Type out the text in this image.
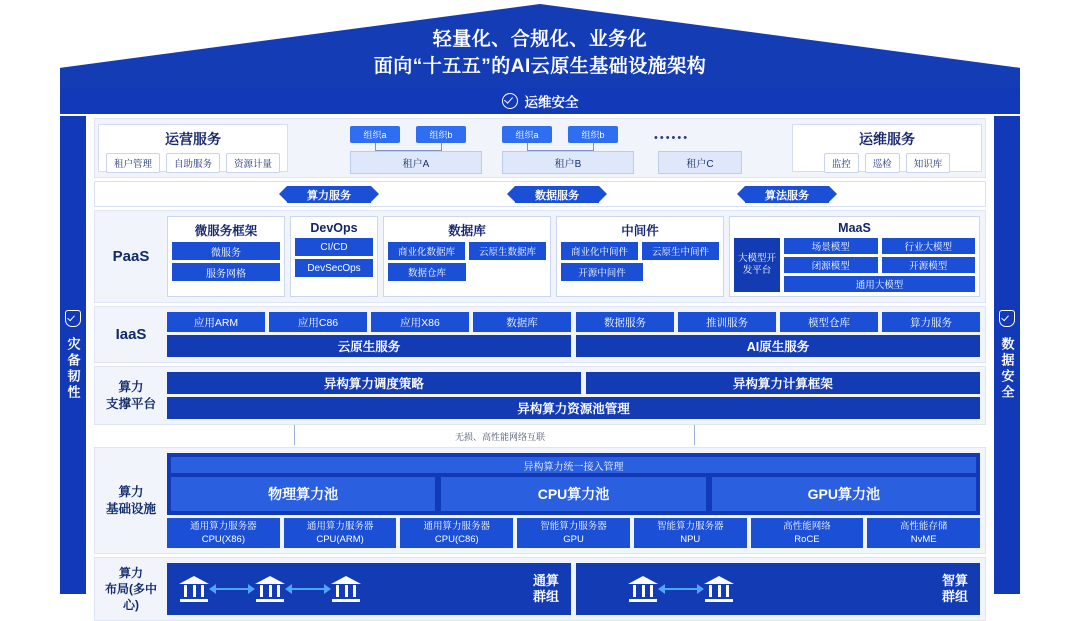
轻量化、合规化、业务化
面向“十五五”的AI云原生基础设施架构
运维安全
灾备韧性	数据安全
运营服务
租户管理	自助服务	资源计量
组织a	组织b
租户A
组织a	组织b
租户B
••••••
租户C
运维服务
监控	巡检	知识库
算力服务	数据服务	算法服务
PaaS
微服务框架
微服务
服务网格
DevOps
CI/CD
DevSecOps
数据库
商业化数据库	云原生数据库
数据仓库
中间件
商业化中间件	云原生中间件
开源中间件
MaaS
大模型开发平台
场景模型	行业大模型
闭源模型	开源模型
通用大模型
IaaS
应用ARM	应用C86	应用X86	数据库	数据服务	推训服务	模型仓库	算力服务
云原生服务	AI原生服务
算力
支撑平台
异构算力调度策略	异构算力计算框架
异构算力资源池管理
无损、高性能网络互联
算力
基础设施
异构算力统一接入管理
物理算力池	CPU算力池	GPU算力池
通用算力服务器
CPU(X86)
通用算力服务器
CPU(ARM)
通用算力服务器
CPU(C86)
智能算力服务器
GPU
智能算力服务器
NPU
高性能网络
RoCE
高性能存储
NvME
算力
布局(多中心)
通算
群组
智算
群组
